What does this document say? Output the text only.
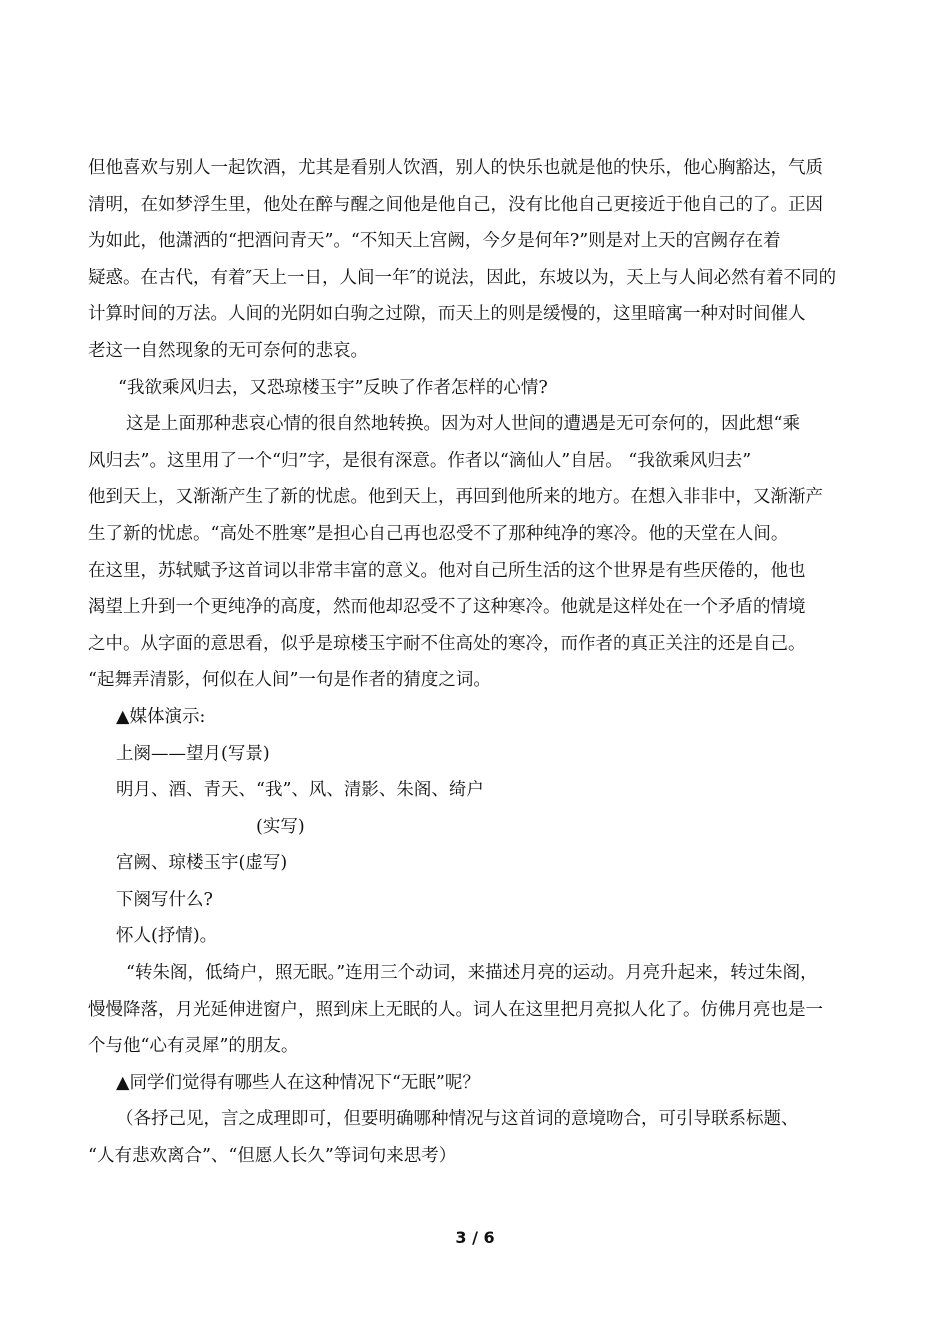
但他喜欢与别人一起饮酒，尤其是看别人饮酒，别人的快乐也就是他的快乐，他心胸豁达，气质
清明，在如梦浮生里，他处在醉与醒之间他是他自己，没有比他自己更接近于他自己的了。正因
为如此，他潇洒的“把酒问青天”。“不知天上宫阙，今夕是何年?”则是对上天的宫阙存在着
疑惑。在古代，有着″天上一日，人间一年″的说法，因此，东坡以为，天上与人间必然有着不同的
计算时间的万法。人间的光阴如白驹之过隙，而天上的则是缓慢的，这里暗寓一种对时间催人
老这一自然现象的无可奈何的悲哀。
“我欲乘风归去，又恐琼楼玉宇”反映了作者怎样的心情?
这是上面那种悲哀心情的很自然地转换。因为对人世间的遭遇是无可奈何的，因此想“乘
风归去”。这里用了一个“归”字，是很有深意。作者以“滴仙人”自居。 “我欲乘风归去”
他到天上，又渐渐产生了新的忧虑。他到天上，再回到他所来的地方。在想入非非中，又渐渐产
生了新的忧虑。“高处不胜寒”是担心自己再也忍受不了那种纯净的寒冷。他的天堂在人间。
在这里，苏轼赋予这首词以非常丰富的意义。他对自己所生活的这个世界是有些厌倦的，他也
渴望上升到一个更纯净的高度，然而他却忍受不了这种寒冷。他就是这样处在一个矛盾的情境
之中。从字面的意思看，似乎是琼楼玉宇耐不住高处的寒冷，而作者的真正关注的还是自己。
“起舞弄清影，何似在人间”一句是作者的猜度之词。
▲媒体演示:
上阕——望月(写景)
明月、酒、青天、“我”、风、清影、朱阁、绮户
(实写)
宫阙、琼楼玉宇(虚写)
下阕写什么?
怀人(抒情)。
“转朱阁，低绮户，照无眠。”连用三个动词，来描述月亮的运动。月亮升起来，转过朱阁，
慢慢降落，月光延伸进窗户，照到床上无眠的人。词人在这里把月亮拟人化了。仿佛月亮也是一
个与他“心有灵犀”的朋友。
▲同学们觉得有哪些人在这种情况下“无眠”呢？
（各抒己见，言之成理即可，但要明确哪种情况与这首词的意境吻合，可引导联系标题、
“人有悲欢离合”、“但愿人长久”等词句来思考）
3 / 6
